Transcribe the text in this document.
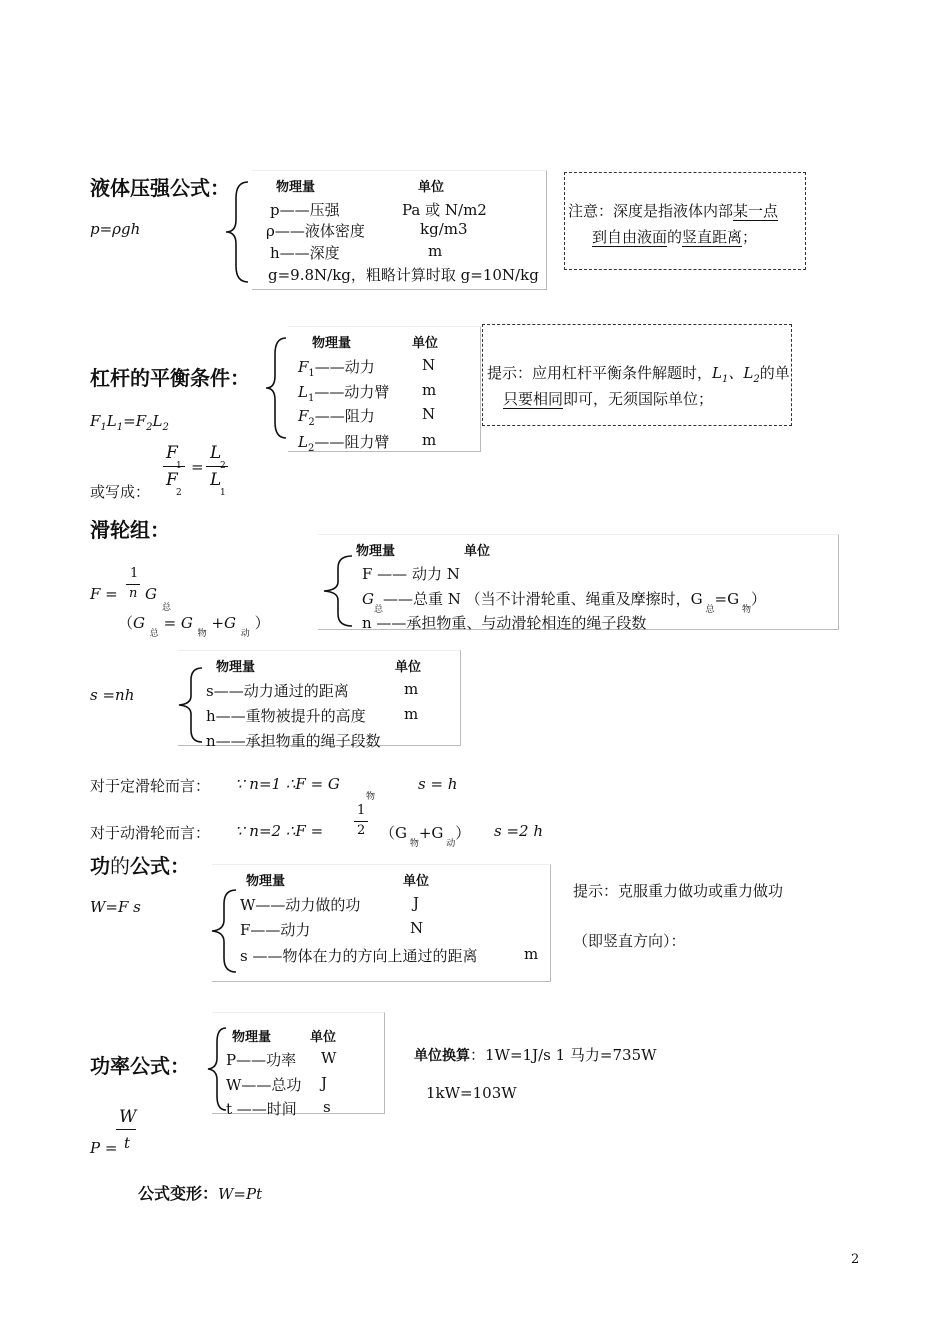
液体压强公式：
p=ρgh
物理量	单位
p——压强	Pa 或 N/m2
ρ——液体密度	kg/m3
h——深度	m
g=9.8N/kg，粗略计算时取 g=10N/kg
注意：深度是指液体内部某一点
到自由液面的竖直距离；
杠杆的平衡条件：
$F_1L_1=F_2L_2$
或写成：
F
F
1
2
=
L
L
2
1
物理量	单位
$F_1——$动力	N
$L_1——$动力臂 m
$F_2——$阻力	N
$L_2——$阻力臂 m
提示：应用杠杆平衡条件解题时，$L_1$、$L_2$的单
只要相同即可，无须国际单位；
滑轮组：
F =
1
n G
总
（G $_总$ = G $_物$ +G $_动$ ）
物理量	单位
F —— 动力 N
$G_总——$总重 N （当不计滑轮重、绳重及摩擦时，G $_总$=G $_物$）
n ——承担物重、与动滑轮相连的绳子段数
s =nh
物理量	单位
s——动力通过的距离	m
h——重物被提升的高度	m
n——承担物重的绳子段数
对于定滑轮而言： ∵ n=1 ∴F = G
物
s = h
对于动滑轮而言： ∵ n=2 ∴F =
1
2 （G $_物$+G $_动$） s =2 h
功的公式：
W=F s
物理量	单位
W——动力做的功	J
F——动力	N
s ——物体在力的方向上通过的距离	m
提示：克服重力做功或重力做功
（即竖直方向）：
功率公式：
物理量	单位
P——功率 W
W——总功 J
t ——时间 s
P =
W
t
单位换算：1W=1J/s 1 马力=735W
1kW=103W
公式变形：W=Pt
2
